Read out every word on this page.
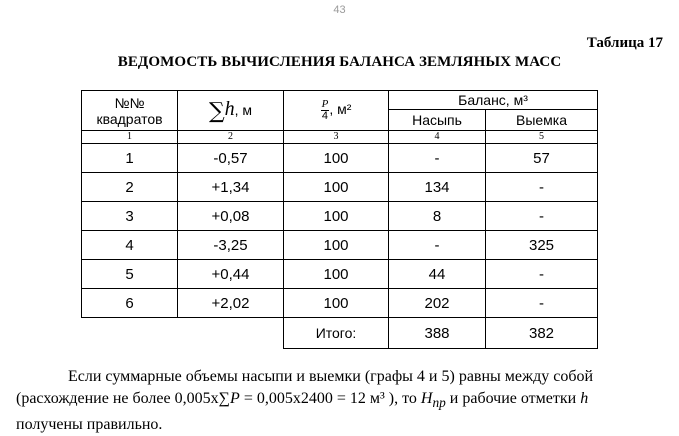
43
Таблица 17
ВЕДОМОСТЬ ВЫЧИСЛЕНИЯ БАЛАНСА ЗЕМЛЯНЫХ МАСС
№№
квадратов	∑h, м	$\frac{P}{4}$ , м²	Баланс, м³	
			Насыпь	Выемка
1	2	3	4	5
1	-0,57	100	-	57
2	+1,34	100	134	-
3	+0,08	100	8	-
4	-3,25	100	-	325
5	+0,44	100	44	-
6	+2,02	100	202	-
		Итого:	388	382
Если суммарные объемы насыпи и выемки (графы 4 и 5) равны между собой
(расхождение не более 0,005х∑P = 0,005х2400 = 12 м³ ), то $H_{пр}$ и рабочие отметки h
получены правильно.
